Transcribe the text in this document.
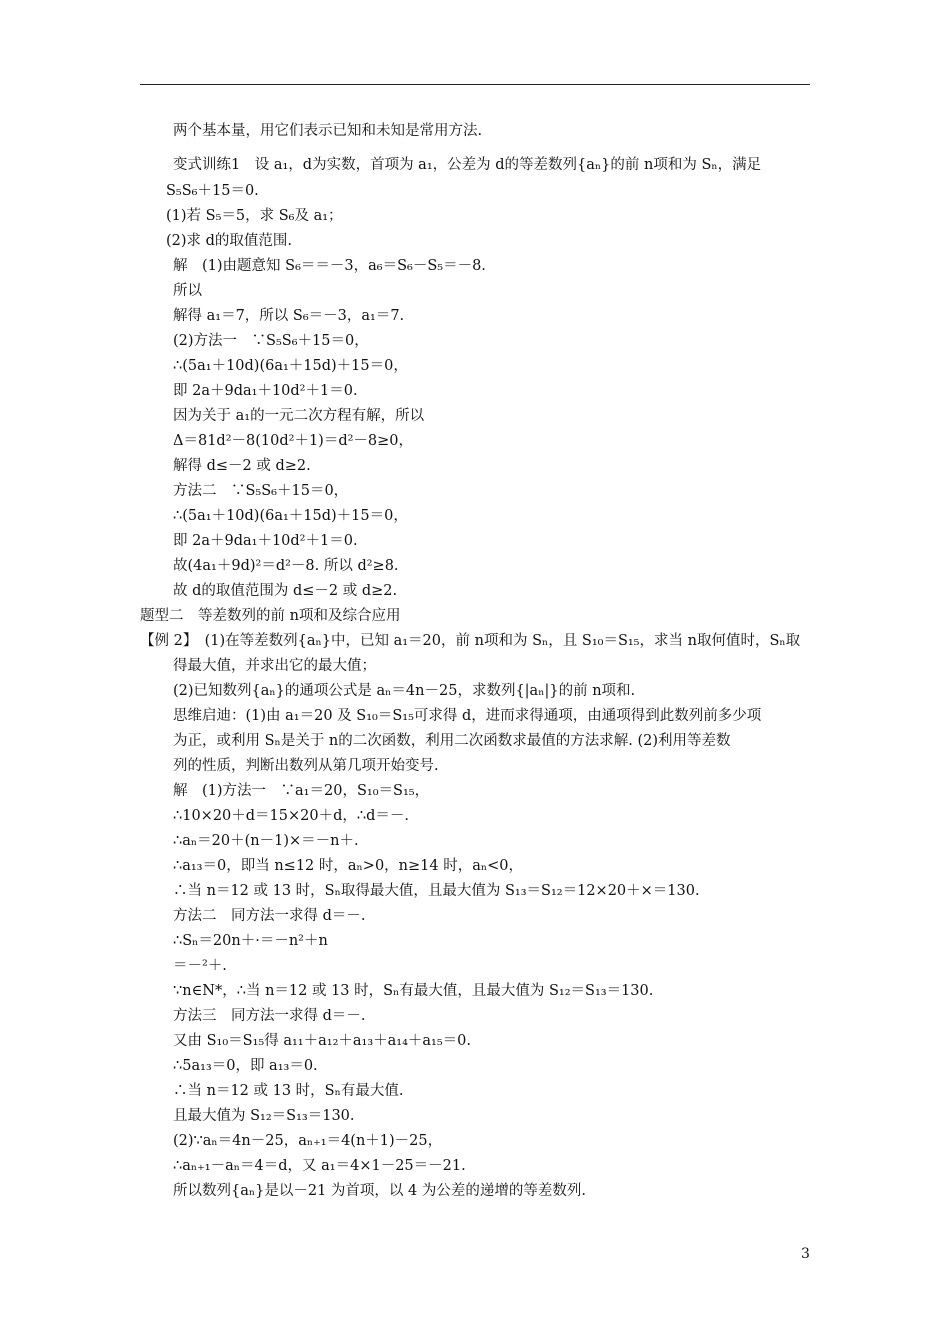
两个基本量，用它们表示已知和未知是常用方法.
变式训练1　设 a₁，d为实数，首项为 a₁，公差为 d的等差数列{aₙ}的前 n项和为 Sₙ，满足
S₅S₆＋15＝0.
(1)若 S₅＝5，求 S₆及 a₁；
(2)求 d的取值范围.
解　(1)由题意知 S₆＝＝－3，a₆＝S₆－S₅＝－8.
所以
解得 a₁＝7，所以 S₆＝－3，a₁＝7.
(2)方法一　∵S₅S₆＋15＝0，
∴(5a₁＋10d)(6a₁＋15d)＋15＝0，
即 2a＋9da₁＋10d²＋1＝0.
因为关于 a₁的一元二次方程有解，所以
Δ＝81d²－8(10d²＋1)＝d²－8≥0，
解得 d≤－2 或 d≥2.
方法二　∵S₅S₆＋15＝0，
∴(5a₁＋10d)(6a₁＋15d)＋15＝0，
即 2a＋9da₁＋10d²＋1＝0.
故(4a₁＋9d)²＝d²－8. 所以 d²≥8.
故 d的取值范围为 d≤－2 或 d≥2.
题型二　等差数列的前 n项和及综合应用
【例 2】　(1)在等差数列{aₙ}中，已知 a₁＝20，前 n项和为 Sₙ，且 S₁₀＝S₁₅，求当 n取何值时，Sₙ取
得最大值，并求出它的最大值；
(2)已知数列{aₙ}的通项公式是 aₙ＝4n－25，求数列{|aₙ|}的前 n项和.
思维启迪：(1)由 a₁＝20 及 S₁₀＝S₁₅可求得 d，进而求得通项，由通项得到此数列前多少项
为正，或利用 Sₙ是关于 n的二次函数，利用二次函数求最值的方法求解. (2)利用等差数
列的性质，判断出数列从第几项开始变号.
解　(1)方法一　∵a₁＝20，S₁₀＝S₁₅，
∴10×20＋d＝15×20＋d，∴d＝－.
∴aₙ＝20＋(n－1)×＝－n＋.
∴a₁₃＝0，即当 n≤12 时，aₙ>0，n≥14 时，aₙ<0，
∴当 n＝12 或 13 时，Sₙ取得最大值，且最大值为 S₁₃＝S₁₂＝12×20＋×＝130.
方法二　同方法一求得 d＝－.
∴Sₙ＝20n＋·＝－n²＋n
＝－²＋.
∵n∈N*，∴当 n＝12 或 13 时，Sₙ有最大值，且最大值为 S₁₂＝S₁₃＝130.
方法三　同方法一求得 d＝－.
又由 S₁₀＝S₁₅得 a₁₁＋a₁₂＋a₁₃＋a₁₄＋a₁₅＝0.
∴5a₁₃＝0，即 a₁₃＝0.
∴当 n＝12 或 13 时，Sₙ有最大值.
且最大值为 S₁₂＝S₁₃＝130.
(2)∵aₙ＝4n－25，aₙ₊₁＝4(n＋1)－25，
∴aₙ₊₁－aₙ＝4＝d，又 a₁＝4×1－25＝－21.
所以数列{aₙ}是以－21 为首项，以 4 为公差的递增的等差数列.
3
